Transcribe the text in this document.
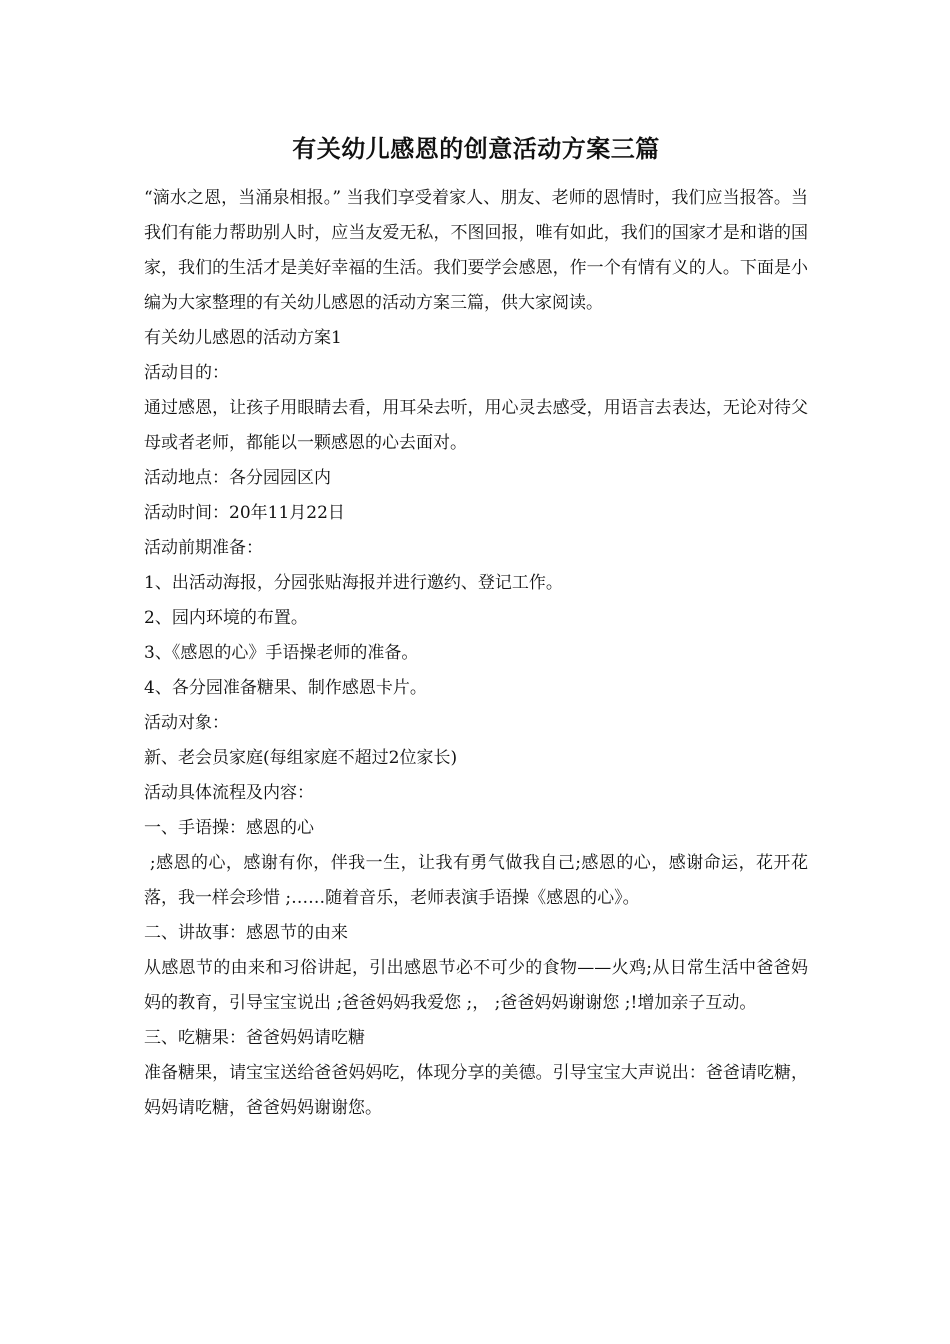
有关幼儿感恩的创意活动方案三篇

“滴水之恩，当涌泉相报。” 当我们享受着家人、朋友、老师的恩情时，我们应当报答。当我们有能力帮助别人时，应当友爱无私，不图回报，唯有如此，我们的国家才是和谐的国家，我们的生活才是美好幸福的生活。我们要学会感恩，作一个有情有义的人。下面是小编为大家整理的有关幼儿感恩的活动方案三篇，供大家阅读。

有关幼儿感恩的活动方案1

活动目的：

通过感恩，让孩子用眼睛去看，用耳朵去听，用心灵去感受，用语言去表达，无论对待父母或者老师，都能以一颗感恩的心去面对。

活动地点：各分园园区内

活动时间：20年11月22日

活动前期准备：

1、出活动海报，分园张贴海报并进行邀约、登记工作。

2、园内环境的布置。

3、《感恩的心》手语操老师的准备。

4、各分园准备糖果、制作感恩卡片。

活动对象：

新、老会员家庭(每组家庭不超过2位家长)

活动具体流程及内容：

一、手语操：感恩的心

;感恩的心，感谢有你，伴我一生，让我有勇气做我自己;感恩的心，感谢命运，花开花落，我一样会珍惜 ;……随着音乐，老师表演手语操《感恩的心》。

二、讲故事：感恩节的由来

从感恩节的由来和习俗讲起，引出感恩节必不可少的食物——火鸡;从日常生活中爸爸妈妈的教育，引导宝宝说出 ;爸爸妈妈我爱您 ;， ;爸爸妈妈谢谢您 ;!增加亲子互动。

三、吃糖果：爸爸妈妈请吃糖

准备糖果，请宝宝送给爸爸妈妈吃，体现分享的美德。引导宝宝大声说出：爸爸请吃糖，妈妈请吃糖，爸爸妈妈谢谢您。
